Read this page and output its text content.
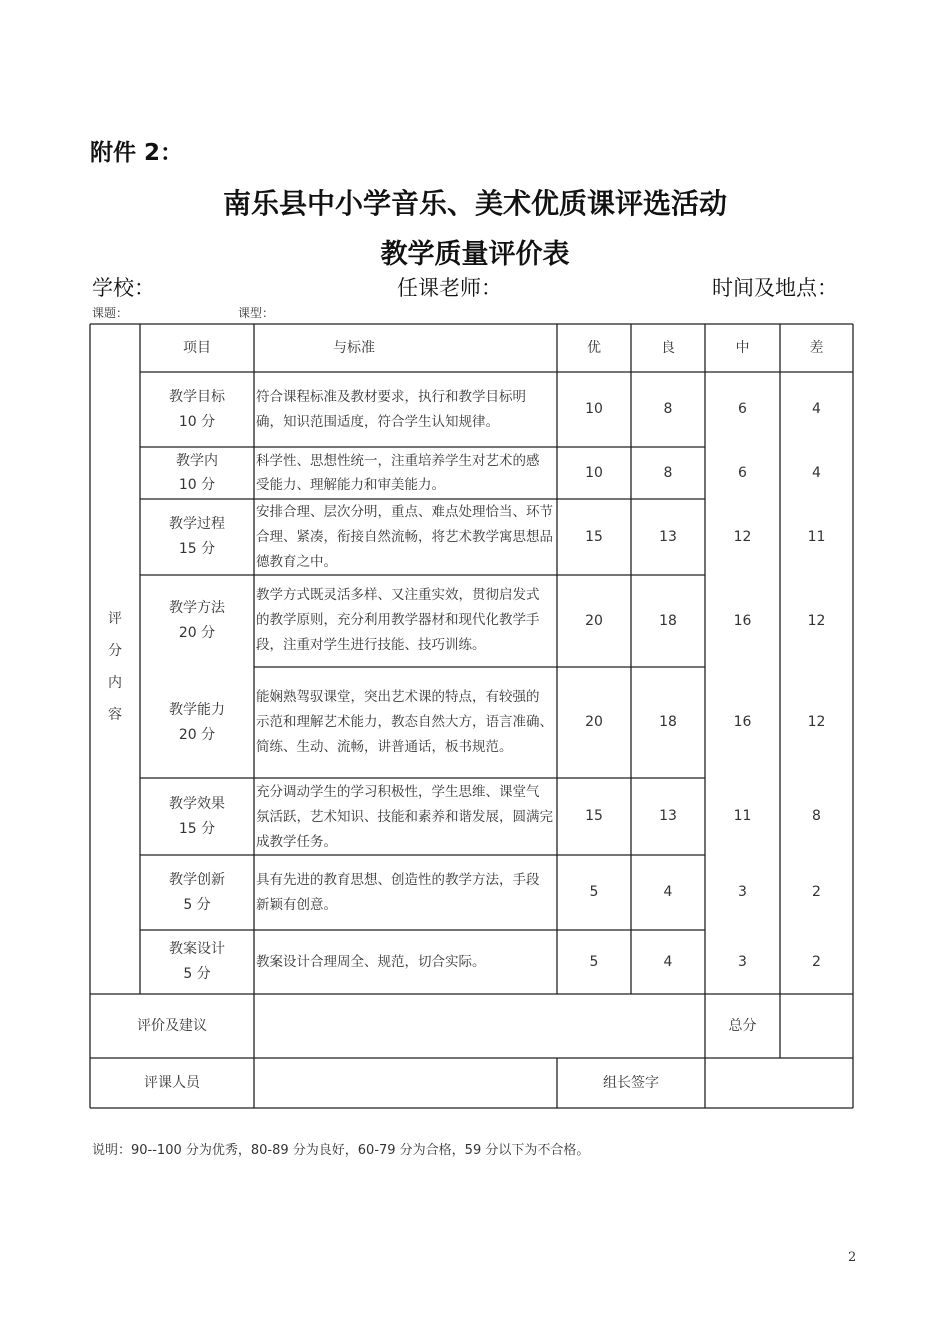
附件 2：
南乐县中小学音乐、美术优质课评选活动
教学质量评价表
学校：	任课老师：	时间及地点：
课题：	课型：
评
分
内
容
项目	与标准	优	良	中	差
教学目标
10 分
符合课程标准及教材要求，执行和教学目标明
确，知识范围适度，符合学生认知规律。
10	8	6	4
教学内
10 分
科学性、思想性统一，注重培养学生对艺术的感
受能力、理解能力和审美能力。
10	8	6	4
教学过程
15 分
安排合理、层次分明，重点、难点处理恰当、环节
合理、紧凑，衔接自然流畅，将艺术教学寓思想品
德教育之中。
15	13	12	11
教学方法
20 分
教学方式既灵活多样、又注重实效，贯彻启发式
的教学原则，充分利用教学器材和现代化教学手
段，注重对学生进行技能、技巧训练。
20	18	16	12
教学能力
20 分
能娴熟驾驭课堂，突出艺术课的特点，有较强的
示范和理解艺术能力，教态自然大方，语言准确、
简练、生动、流畅，讲普通话，板书规范。
20	18	16	12
教学效果
15 分
充分调动学生的学习积极性，学生思维、课堂气
氛活跃，艺术知识、技能和素养和谐发展，圆满完
成教学任务。
15	13	11	8
教学创新
5 分
具有先进的教育思想、创造性的教学方法，手段
新颖有创意。
5	4	3	2
教案设计
5 分
教案设计合理周全、规范，切合实际。	5	4	3	2
评价及建议	总分
评课人员	组长签字
说明：90--100 分为优秀，80-89 分为良好，60-79 分为合格，59 分以下为不合格。
2
